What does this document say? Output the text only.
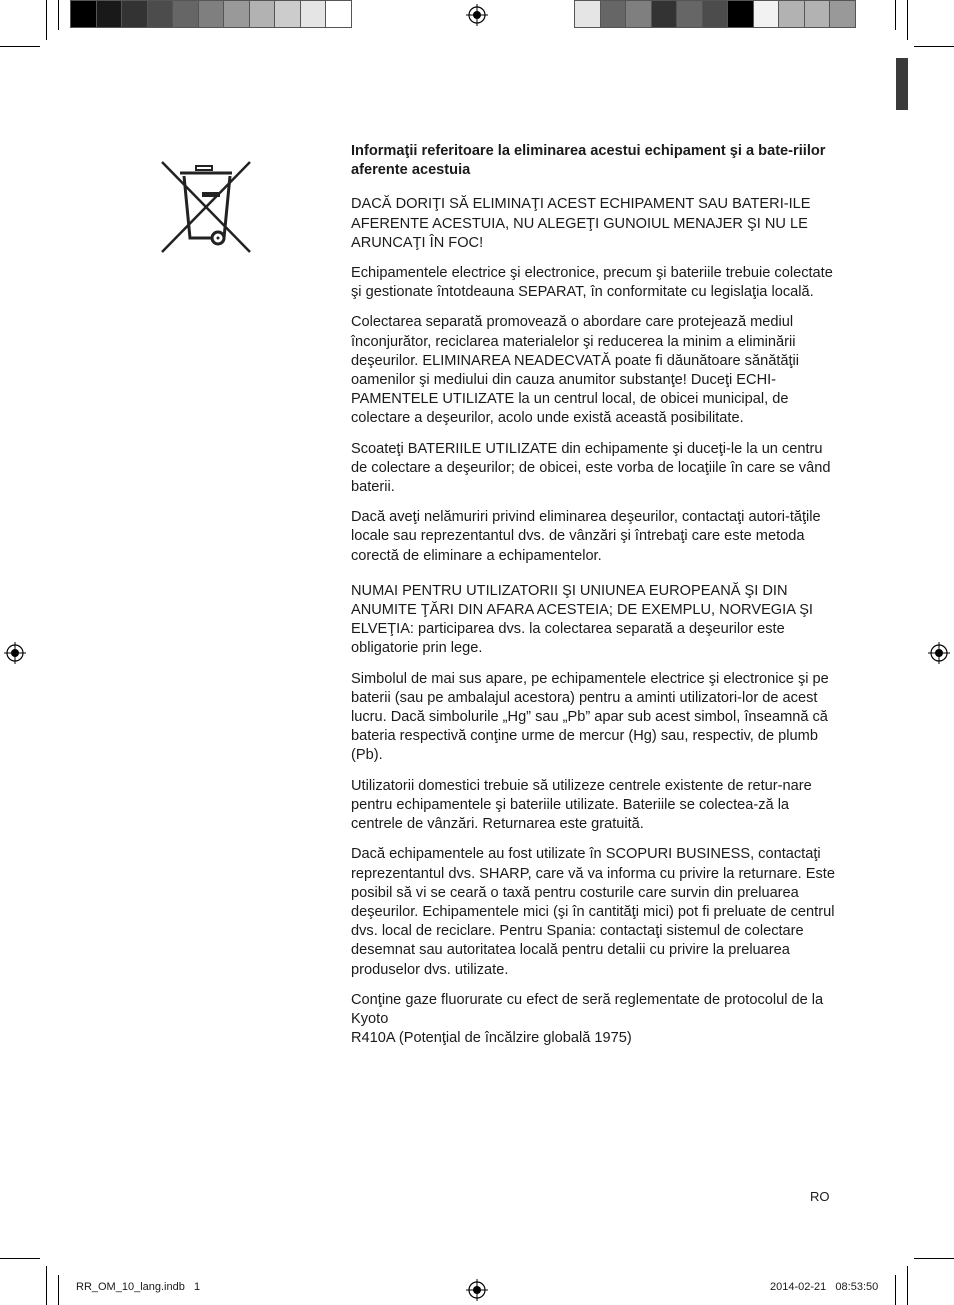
Informaţii referitoare la eliminarea acestui echipament şi a bate-riilor aferente acestuia

DACĂ DORIŢI SĂ ELIMINAŢI ACEST ECHIPAMENT SAU BATERI-ILE AFERENTE ACESTUIA, NU ALEGEŢI GUNOIUL MENAJER ŞI NU LE ARUNCAŢI ÎN FOC!

Echipamentele electrice şi electronice, precum şi bateriile trebuie colectate şi gestionate întotdeauna SEPARAT, în conformitate cu legislaţia locală.

Colectarea separată promovează o abordare care protejează mediul înconjurător, reciclarea materialelor şi reducerea la minim a eliminării deşeurilor. ELIMINAREA NEADECVATĂ poate fi dăunătoare sănătăţii oamenilor şi mediului din cauza anumitor substanţe! Duceţi ECHI-PAMENTELE UTILIZATE la un centrul local, de obicei municipal, de colectare a deşeurilor, acolo unde există această posibilitate.

Scoateţi BATERIILE UTILIZATE din echipamente şi duceţi-le la un centru de colectare a deşeurilor; de obicei, este vorba de locaţiile în care se vând baterii.

Dacă aveţi nelămuriri privind eliminarea deşeurilor, contactaţi autori-tăţile locale sau reprezentantul dvs. de vânzări şi întrebaţi care este metoda corectă de eliminare a echipamentelor.

NUMAI PENTRU UTILIZATORII ŞI UNIUNEA EUROPEANĂ ŞI DIN ANUMITE ŢĂRI DIN AFARA ACESTEIA; DE EXEMPLU, NORVEGIA ŞI ELVEŢIA: participarea dvs. la colectarea separată a deşeurilor este obligatorie prin lege.

Simbolul de mai sus apare, pe echipamentele electrice şi electronice şi pe baterii (sau pe ambalajul acestora) pentru a aminti utilizatori-lor de acest lucru. Dacă simbolurile „Hg” sau „Pb” apar sub acest simbol, înseamnă că bateria respectivă conţine urme de mercur (Hg) sau, respectiv, de plumb (Pb).

Utilizatorii domestici trebuie să utilizeze centrele existente de retur-nare pentru echipamentele şi bateriile utilizate. Bateriile se colectea-ză la centrele de vânzări. Returnarea este gratuită.

Dacă echipamentele au fost utilizate în SCOPURI BUSINESS, contactaţi reprezentantul dvs. SHARP, care vă va informa cu privire la returnare. Este posibil să vi se ceară o taxă pentru costurile care survin din preluarea deşeurilor. Echipamentele mici (şi în cantităţi mici) pot fi preluate de centrul dvs. local de reciclare. Pentru Spania: contactaţi sistemul de colectare desemnat sau autoritatea locală pentru detalii cu privire la preluarea produselor dvs. utilizate.

Conţine gaze fluorurate cu efect de seră reglementate de protocolul de la Kyoto

R410A (Potenţial de încălzire globală 1975)

RO
RR_OM_10_lang.indb   1	2014-02-21   08:53:50
